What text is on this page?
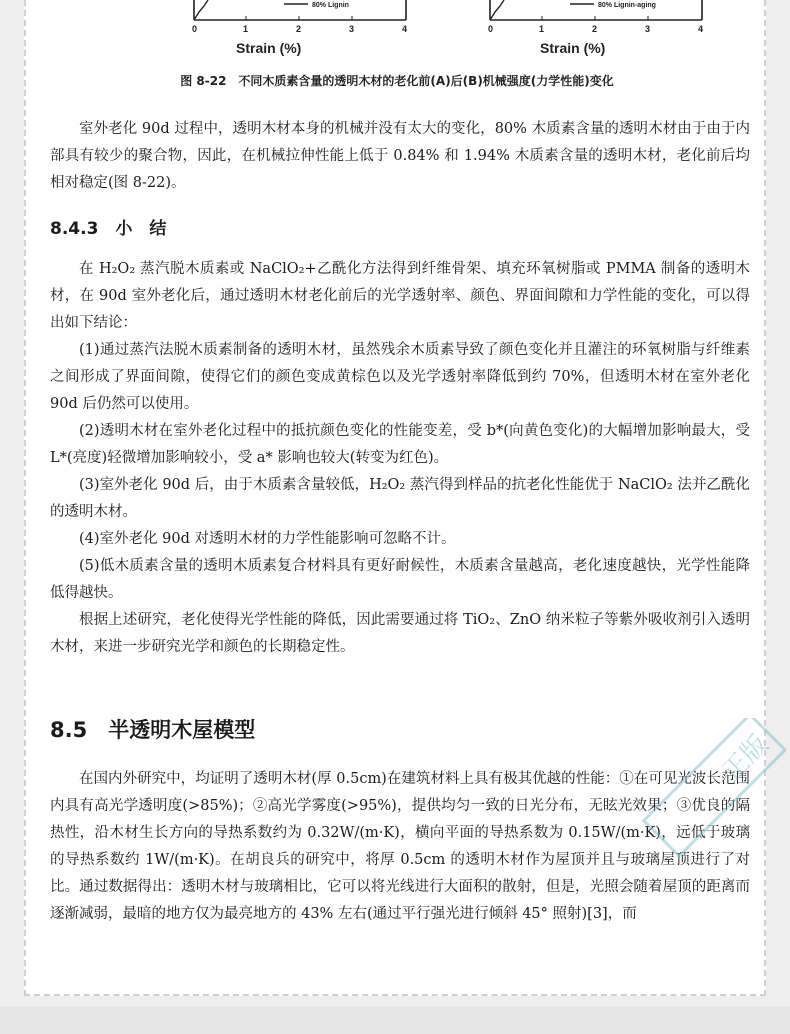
80% Lignin
0	1	2	3	4
Strain (%)
80% Lignin-aging
0	1	2	3	4
Strain (%)
图 8-22　不同木质素含量的透明木材的老化前(A)后(B)机械强度(力学性能)变化

室外老化 90d 过程中，透明木材本身的机械并没有太大的变化，80% 木质素含量的透明木材由于由于内部具有较少的聚合物，因此，在机械拉伸性能上低于 0.84% 和 1.94% 木质素含量的透明木材，老化前后均相对稳定(图 8-22)。

8.4.3　小　结

在 H₂O₂ 蒸汽脱木质素或 NaClO₂+乙酰化方法得到纤维骨架、填充环氧树脂或 PMMA 制备的透明木材，在 90d 室外老化后，通过透明木材老化前后的光学透射率、颜色、界面间隙和力学性能的变化，可以得出如下结论：

(1)通过蒸汽法脱木质素制备的透明木材，虽然残余木质素导致了颜色变化并且灌注的环氧树脂与纤维素之间形成了界面间隙，使得它们的颜色变成黄棕色以及光学透射率降低到约 70%，但透明木材在室外老化 90d 后仍然可以使用。

(2)透明木材在室外老化过程中的抵抗颜色变化的性能变差，受 b*(向黄色变化)的大幅增加影响最大，受 L*(亮度)轻微增加影响较小，受 a* 影响也较大(转变为红色)。

(3)室外老化 90d 后，由于木质素含量较低，H₂O₂ 蒸汽得到样品的抗老化性能优于 NaClO₂ 法并乙酰化的透明木材。

(4)室外老化 90d 对透明木材的力学性能影响可忽略不计。

(5)低木质素含量的透明木质素复合材料具有更好耐候性，木质素含量越高，老化速度越快，光学性能降低得越快。

根据上述研究，老化使得光学性能的降低，因此需要通过将 TiO₂、ZnO 纳米粒子等紫外吸收剂引入透明木材，来进一步研究光学和颜色的长期稳定性。

8.5　半透明木屋模型

在国内外研究中，均证明了透明木材(厚 0.5cm)在建筑材料上具有极其优越的性能：①在可见光波长范围内具有高光学透明度(>85%)；②高光学雾度(>95%)，提供均匀一致的日光分布，无眩光效果；③优良的隔热性，沿木材生长方向的导热系数约为 0.32W/(m·K)，横向平面的导热系数为 0.15W/(m·K)，远低于玻璃的导热系数约 1W/(m·K)。在胡良兵的研究中，将厚 0.5cm 的透明木材作为屋顶并且与玻璃屋顶进行了对比。通过数据得出：透明木材与玻璃相比，它可以将光线进行大面积的散射，但是，光照会随着屋顶的距离而逐渐减弱，最暗的地方仅为最亮地方的 43% 左右(通过平行强光进行倾斜 45° 照射)[3]，而

正版
